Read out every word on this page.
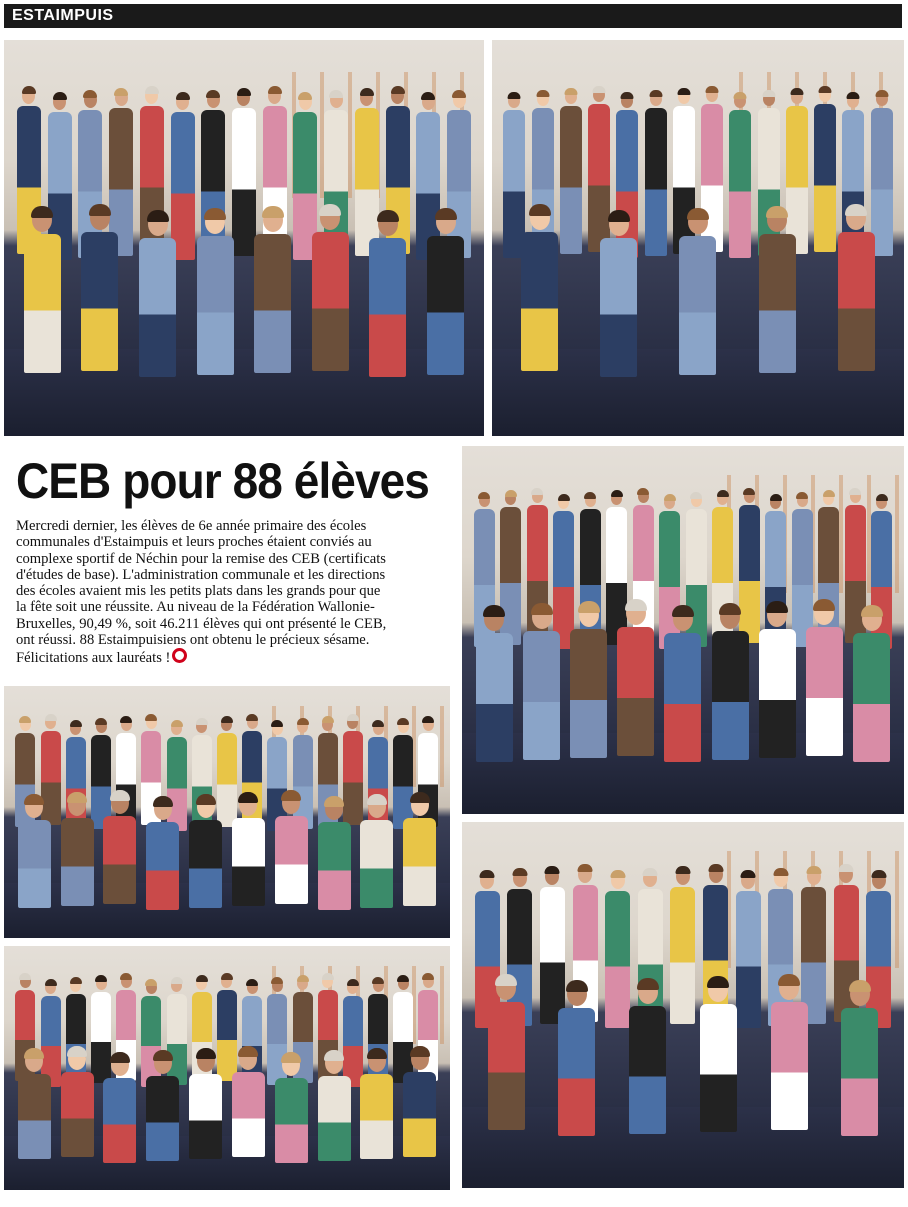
ESTAIMPUIS
CEB pour 88 élèves
Mercredi dernier, les élèves de 6e année primaire des écoles
communales d'Estaimpuis et leurs proches étaient conviés au
complexe sportif de Néchin pour la remise des CEB (certificats
d'études de base). L'administration communale et les directions
des écoles avaient mis les petits plats dans les grands pour que
la fête soit une réussite. Au niveau de la Fédération Wallonie-
Bruxelles, 90,49 %, soit 46.211 élèves qui ont présenté le CEB,
ont réussi. 88 Estaimpuisiens ont obtenu le précieux sésame.
Félicitations aux lauréats !
